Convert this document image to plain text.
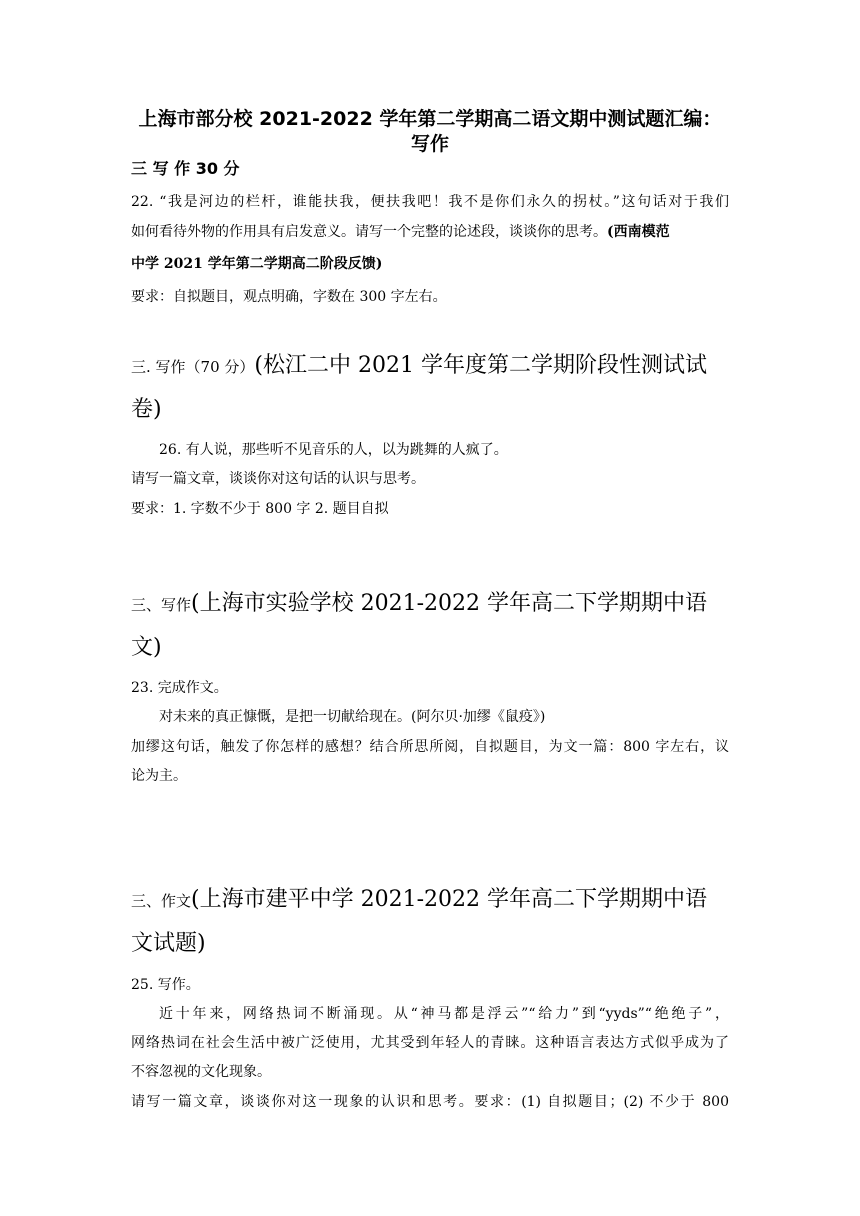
上海市部分校 2021-2022 学年第二学期高二语文期中测试题汇编：
写作
三 写 作 30 分
22. “我是河边的栏杆，谁能扶我，便扶我吧！我不是你们永久的拐杖。”这句话对于我们
如何看待外物的作用具有启发意义。请写一个完整的论述段，谈谈你的思考。(西南模范
中学 2021 学年第二学期高二阶段反馈)
要求：自拟题目，观点明确，字数在 300 字左右。
三. 写作（70 分）(松江二中 2021 学年度第二学期阶段性测试试
卷)
26. 有人说，那些听不见音乐的人，以为跳舞的人疯了。
请写一篇文章，谈谈你对这句话的认识与思考。
要求：1. 字数不少于 800 字 2. 题目自拟
三、写作(上海市实验学校 2021-2022 学年高二下学期期中语
文)
23. 完成作文。
对未来的真正慷慨，是把一切献给现在。(阿尔贝·加缪《鼠疫》)
加缪这句话，触发了你怎样的感想？结合所思所阅，自拟题目，为文一篇：800 字左右，议
论为主。
三、作文(上海市建平中学 2021-2022 学年高二下学期期中语
文试题)
25. 写作。
近十年来，网络热词不断涌现。从“神马都是浮云”“给力”到“yyds”“绝绝子”，
网络热词在社会生活中被广泛使用，尤其受到年轻人的青睐。这种语言表达方式似乎成为了
不容忽视的文化现象。
请写一篇文章，谈谈你对这一现象的认识和思考。要求：(1) 自拟题目；(2) 不少于 800
